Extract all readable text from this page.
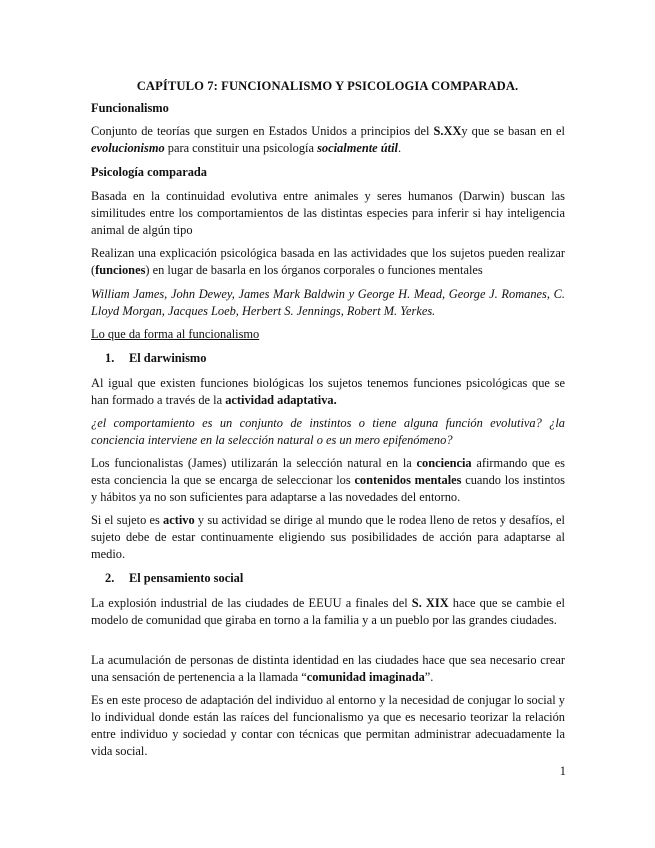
CAPÍTULO 7: FUNCIONALISMO Y PSICOLOGIA COMPARADA.

Funcionalismo

Conjunto de teorías que surgen en Estados Unidos a principios del S.XXy que se basan en el evolucionismo para constituir una psicología socialmente útil.

Psicología comparada

Basada en la continuidad evolutiva entre animales y seres humanos (Darwin) buscan las similitudes entre los comportamientos de las distintas especies para inferir si hay inteligencia animal de algún tipo

Realizan una explicación psicológica basada en las actividades que los sujetos pueden realizar (funciones) en lugar de basarla en los órganos corporales o funciones mentales

William James, John Dewey, James Mark Baldwin y George H. Mead, George J. Romanes, C. Lloyd Morgan, Jacques Loeb, Herbert S. Jennings, Robert M. Yerkes.

Lo que da forma al funcionalismo

1. El darwinismo

Al igual que existen funciones biológicas los sujetos tenemos funciones psicológicas que se han formado a través de la actividad adaptativa.

¿el comportamiento es un conjunto de instintos o tiene alguna función evolutiva? ¿la conciencia interviene en la selección natural o es un mero epifenómeno?

Los funcionalistas (James) utilizarán la selección natural en la conciencia afirmando que es esta conciencia la que se encarga de seleccionar los contenidos mentales cuando los instintos y hábitos ya no son suficientes para adaptarse a las novedades del entorno.

Si el sujeto es activo y su actividad se dirige al mundo que le rodea lleno de retos y desafíos, el sujeto debe de estar continuamente eligiendo sus posibilidades de acción para adaptarse al medio.

2. El pensamiento social

La explosión industrial de las ciudades de EEUU a finales del S. XIX hace que se cambie el modelo de comunidad que giraba en torno a la familia y a un pueblo por las grandes ciudades.

La acumulación de personas de distinta identidad en las ciudades hace que sea necesario crear una sensación de pertenencia a la llamada “comunidad imaginada”.

Es en este proceso de adaptación del individuo al entorno y la necesidad de conjugar lo social y lo individual donde están las raíces del funcionalismo ya que es necesario teorizar la relación entre individuo y sociedad y contar con técnicas que permitan administrar adecuadamente la vida social.

1
